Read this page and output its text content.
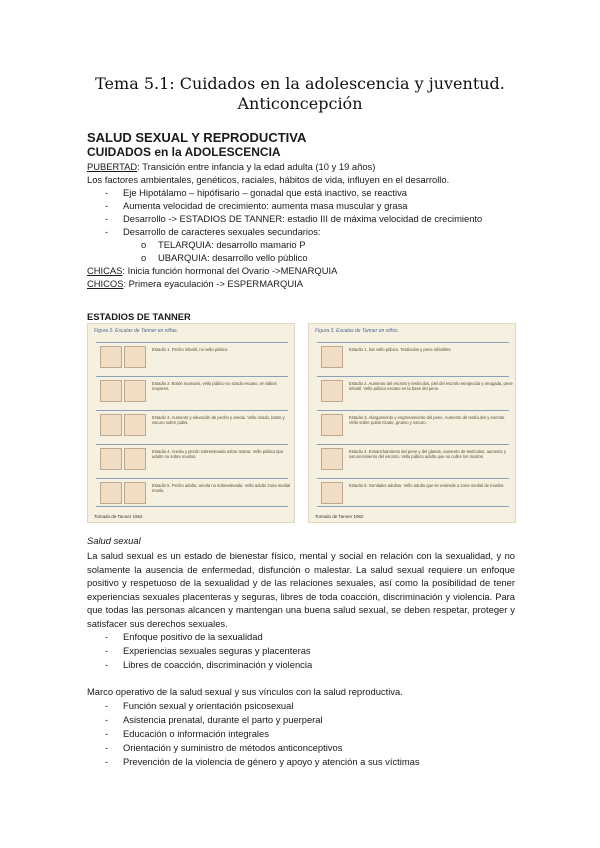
Tema 5.1: Cuidados en la adolescencia y juventud.
Anticoncepción
SALUD SEXUAL Y REPRODUCTIVA
CUIDADOS en la ADOLESCENCIA
PUBERTAD: Transición entre infancia y la edad adulta (10 y 19 años)
Los factores ambientales, genéticos, raciales, hábitos de vida, influyen en el desarrollo.
- Eje Hipotálamo – hipófisario – gonadal que está inactivo, se reactiva
- Aumenta velocidad de crecimiento: aumenta masa muscular y grasa
- Desarrollo -> ESTADIOS DE TANNER: estadio III de máxima velocidad de crecimiento
- Desarrollo de caracteres sexuales secundarios:
o TELARQUIA: desarrollo mamario P
o UBARQUIA: desarrollo vello público
CHICAS: Inicia función hormonal del Ovario ->MENARQUIA
CHICOS: Primera eyaculación -> ESPERMARQUIA
ESTADIOS DE TANNER
Figura 2. Escalas de Tanner en niñas.
Estadio 1. Pecho infantil, no vello púbico.
Estadio 2. Botón mamario, vello púbico no rizado escaso, en labios mayores.
Estadio 3. Aumento y elevación de pecho y areola. Vello rizado, basto y oscuro sobre pubis.
Estadio 4. Areola y pezón sobreelevado sobre mama. Vello púbico tipo adulto no sobre muslos.
Estadio 5. Pecho adulto, areola no sobreelevada. Vello adulto zona medial muslo.
Tomado de Tanner 1962
Figura 3. Escalas de Tanner en niños.
Estadio 1. Sin vello púbico. Testículos y pene infantiles.
Estadio 2. Aumento del escroto y testículos, piel del escroto enrojecida y arrugada, pene infantil. Vello púbico escaso en la base del pene.
Estadio 3. Alargamiento y engrosamiento del pene. Aumento de testículos y escroto. Vello sobre pubis rizado, grueso y oscuro.
Estadio 4. Ensanchamiento del pene y del glande, aumento de testículos, aumento y oscurecimiento del escroto. Vello púbico adulto que no cubre los muslos.
Estadio 5. Genitales adultos. Vello adulto que se extiende a zona medial de muslos.
Tomado de Tanner 1962
Salud sexual
La salud sexual es un estado de bienestar físico, mental y social en relación con la sexualidad, y no solamente la ausencia de enfermedad, disfunción o malestar. La salud sexual requiere un enfoque positivo y respetuoso de la sexualidad y de las relaciones sexuales, así como la posibilidad de tener experiencias sexuales placenteras y seguras, libres de toda coacción, discriminación y violencia. Para que todas las personas alcancen y mantengan una buena salud sexual, se deben respetar, proteger y satisfacer sus derechos sexuales.
- Enfoque positivo de la sexualidad
- Experiencias sexuales seguras y placenteras
- Libres de coacción, discriminación y violencia
Marco operativo de la salud sexual y sus vínculos con la salud reproductiva.
- Función sexual y orientación psicosexual
- Asistencia prenatal, durante el parto y puerperal
- Educación o información integrales
- Orientación y suministro de métodos anticonceptivos
- Prevención de la violencia de género y apoyo y atención a sus víctimas
